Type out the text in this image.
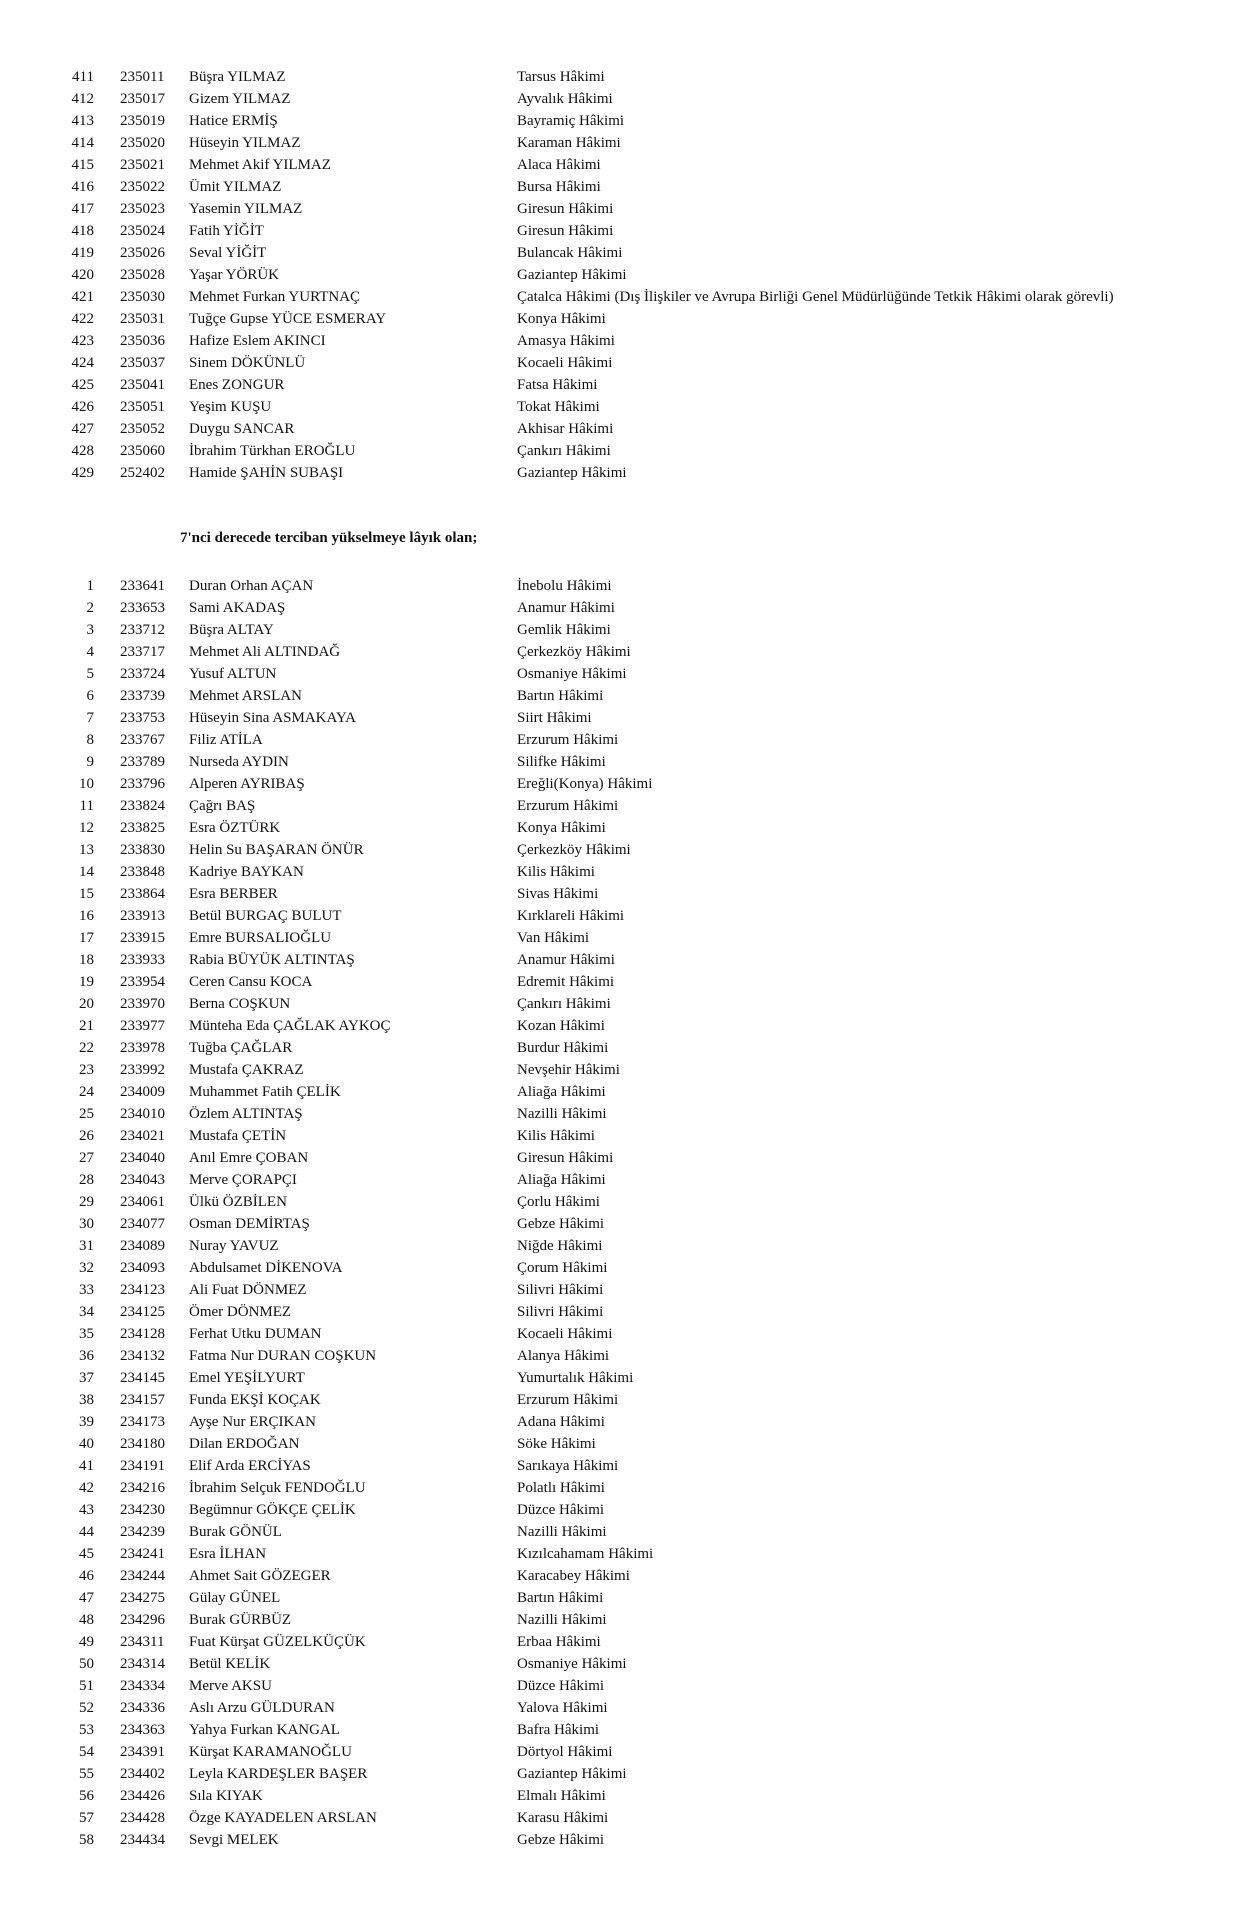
411 235011 Büşra YILMAZ	Tarsus Hâkimi
412 235017 Gizem YILMAZ	Ayvalık Hâkimi
413 235019 Hatice ERMİŞ	Bayramiç Hâkimi
414 235020 Hüseyin YILMAZ	Karaman Hâkimi
415 235021 Mehmet Akif YILMAZ	Alaca Hâkimi
416 235022 Ümit YILMAZ	Bursa Hâkimi
417 235023 Yasemin YILMAZ	Giresun Hâkimi
418 235024 Fatih YİĞİT	Giresun Hâkimi
419 235026 Seval YİĞİT	Bulancak Hâkimi
420 235028 Yaşar YÖRÜK	Gaziantep Hâkimi
421 235030 Mehmet Furkan YURTNAÇ	Çatalca Hâkimi (Dış İlişkiler ve Avrupa Birliği Genel Müdürlüğünde Tetkik Hâkimi olarak görevli)
422 235031 Tuğçe Gupse YÜCE ESMERAY	Konya Hâkimi
423 235036 Hafize Eslem AKINCI	Amasya Hâkimi
424 235037 Sinem DÖKÜNLÜ	Kocaeli Hâkimi
425 235041 Enes ZONGUR	Fatsa Hâkimi
426 235051 Yeşim KUŞU	Tokat Hâkimi
427 235052 Duygu SANCAR	Akhisar Hâkimi
428 235060 İbrahim Türkhan EROĞLU	Çankırı Hâkimi
429 252402 Hamide ŞAHİN SUBAŞI	Gaziantep Hâkimi
7'nci derecede terciban yükselmeye lâyık olan;
1 233641 Duran Orhan AÇAN	İnebolu Hâkimi
2 233653 Sami AKADAŞ	Anamur Hâkimi
3 233712 Büşra ALTAY	Gemlik Hâkimi
4 233717 Mehmet Ali ALTINDAĞ	Çerkezköy Hâkimi
5 233724 Yusuf ALTUN	Osmaniye Hâkimi
6 233739 Mehmet ARSLAN	Bartın Hâkimi
7 233753 Hüseyin Sina ASMAKAYA	Siirt Hâkimi
8 233767 Filiz ATİLA	Erzurum Hâkimi
9 233789 Nurseda AYDIN	Silifke Hâkimi
10 233796 Alperen AYRIBAŞ	Ereğli(Konya) Hâkimi
11 233824 Çağrı BAŞ	Erzurum Hâkimi
12 233825 Esra ÖZTÜRK	Konya Hâkimi
13 233830 Helin Su BAŞARAN ÖNÜR	Çerkezköy Hâkimi
14 233848 Kadriye BAYKAN	Kilis Hâkimi
15 233864 Esra BERBER	Sivas Hâkimi
16 233913 Betül BURGAÇ BULUT	Kırklareli Hâkimi
17 233915 Emre BURSALIOĞLU	Van Hâkimi
18 233933 Rabia BÜYÜK ALTINTAŞ	Anamur Hâkimi
19 233954 Ceren Cansu KOCA	Edremit Hâkimi
20 233970 Berna COŞKUN	Çankırı Hâkimi
21 233977 Münteha Eda ÇAĞLAK AYKOÇ	Kozan Hâkimi
22 233978 Tuğba ÇAĞLAR	Burdur Hâkimi
23 233992 Mustafa ÇAKRAZ	Nevşehir Hâkimi
24 234009 Muhammet Fatih ÇELİK	Aliağa Hâkimi
25 234010 Özlem ALTINTAŞ	Nazilli Hâkimi
26 234021 Mustafa ÇETİN	Kilis Hâkimi
27 234040 Anıl Emre ÇOBAN	Giresun Hâkimi
28 234043 Merve ÇORAPÇI	Aliağa Hâkimi
29 234061 Ülkü ÖZBİLEN	Çorlu Hâkimi
30 234077 Osman DEMİRTAŞ	Gebze Hâkimi
31 234089 Nuray YAVUZ	Niğde Hâkimi
32 234093 Abdulsamet DİKENOVA	Çorum Hâkimi
33 234123 Ali Fuat DÖNMEZ	Silivri Hâkimi
34 234125 Ömer DÖNMEZ	Silivri Hâkimi
35 234128 Ferhat Utku DUMAN	Kocaeli Hâkimi
36 234132 Fatma Nur DURAN COŞKUN	Alanya Hâkimi
37 234145 Emel YEŞİLYURT	Yumurtalık Hâkimi
38 234157 Funda EKŞİ KOÇAK	Erzurum Hâkimi
39 234173 Ayşe Nur ERÇIKAN	Adana Hâkimi
40 234180 Dilan ERDOĞAN	Söke Hâkimi
41 234191 Elif Arda ERCİYAS	Sarıkaya Hâkimi
42 234216 İbrahim Selçuk FENDOĞLU	Polatlı Hâkimi
43 234230 Begümnur GÖKÇE ÇELİK	Düzce Hâkimi
44 234239 Burak GÖNÜL	Nazilli Hâkimi
45 234241 Esra İLHAN	Kızılcahamam Hâkimi
46 234244 Ahmet Sait GÖZEGER	Karacabey Hâkimi
47 234275 Gülay GÜNEL	Bartın Hâkimi
48 234296 Burak GÜRBÜZ	Nazilli Hâkimi
49 234311 Fuat Kürşat GÜZELKÜÇÜK	Erbaa Hâkimi
50 234314 Betül KELİK	Osmaniye Hâkimi
51 234334 Merve AKSU	Düzce Hâkimi
52 234336 Aslı Arzu GÜLDURAN	Yalova Hâkimi
53 234363 Yahya Furkan KANGAL	Bafra Hâkimi
54 234391 Kürşat KARAMANOĞLU	Dörtyol Hâkimi
55 234402 Leyla KARDEŞLER BAŞER	Gaziantep Hâkimi
56 234426 Sıla KIYAK	Elmalı Hâkimi
57 234428 Özge KAYADELEN ARSLAN	Karasu Hâkimi
58 234434 Sevgi MELEK	Gebze Hâkimi
